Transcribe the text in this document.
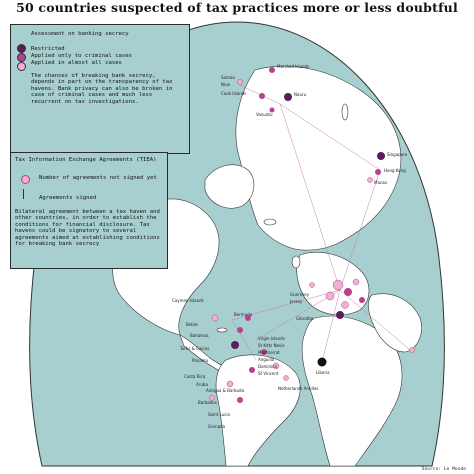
Samoa
Niue
Marshall Islands
Cook Islands	Nauru
Vanuatu
Singapore
Hong Kong
Macao
Guernsey
Jersey
Gibraltar
Bermuda
Cayman Islands
Belize
Bahamas
Turks & Caicos
Panama
Costa Rica
Aruba
Antigua & Barbuda
Barbados
Saint Lucia
Grenada
Virgin Islands
St Kitts Nevis
Montserrat
Anguilla
Dominica
St Vincent
Netherlands Antilles
Liberia
50 countries suspected of tax practices more or less doubtful
Assessment on banking secrecy
Restricted
Applied only to criminal cases
Applied in almost all cases
The chances of breaking bank secrecy, depends in part on the transparency of tax havens. Bank privacy can also be broken in case of criminal cases and much less recurrent on tax investigations.
Tax Information Exchange Agreements (TIEA)
Number of agreements not signed yet
Agreements signed
Bilateral agreement between a tax haven and other countries, in order to establish the conditions for financial disclosure. Tax havens could be signatory to several agreements aimed at establishing conditions for breaking bank secrecy
Source: Le Monde
